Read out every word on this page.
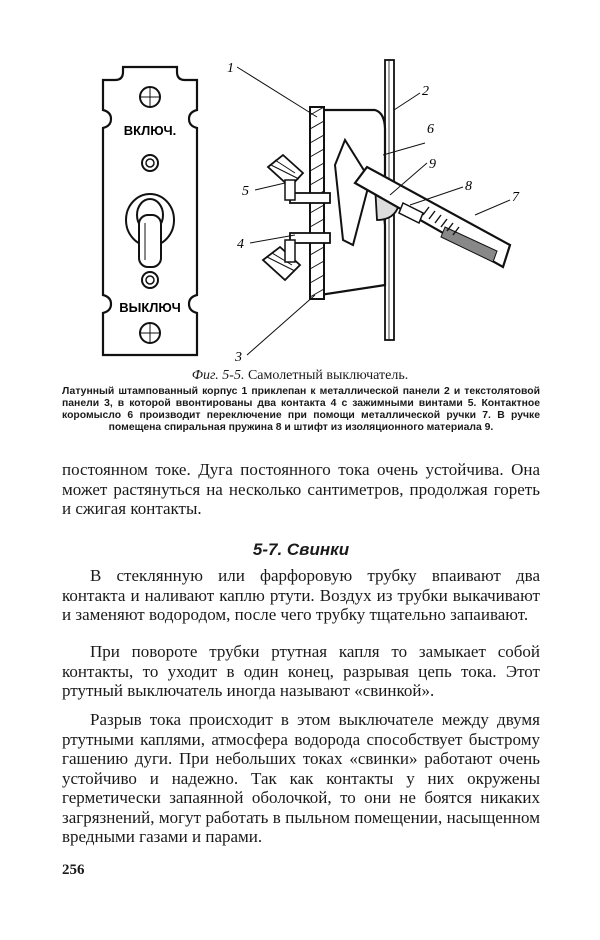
ВКЛЮЧ.
ВЫКЛЮЧ
1
2
6
9
8
7
5
4
3
Фиг. 5-5. Самолетный выключатель.
Латунный штампованный корпус 1 приклепан к металлической панели 2 и текстолятовой панели 3, в которой ввонтированы два контакта 4 с зажимными винтами 5. Контактное коромысло 6 производит переключение при помощи металлической ручки 7. В ручке помещена спиральная пружина 8 и штифт из изоляционного материала 9.
постоянном токе. Дуга постоянного тока очень устойчива. Она может растянуться на несколько сантиметров, продолжая гореть и сжигая контакты.
5-7. Свинки
В стеклянную или фарфоровую трубку впаивают два контакта и наливают каплю ртути. Воздух из трубки выкачивают и заменяют водородом, после чего трубку тщательно запаивают.
При повороте трубки ртутная капля то замыкает собой контакты, то уходит в один конец, разрывая цепь тока. Этот ртутный выключатель иногда называют «свинкой».
Разрыв тока происходит в этом выключателе между двумя ртутными каплями, атмосфера водорода способствует быстрому гашению дуги. При небольших токах «свинки» работают очень устойчиво и надежно. Так как контакты у них окружены герметически запаянной оболочкой, то они не боятся никаких загрязнений, могут работать в пыльном помещении, насыщенном вредными газами и парами.
256
